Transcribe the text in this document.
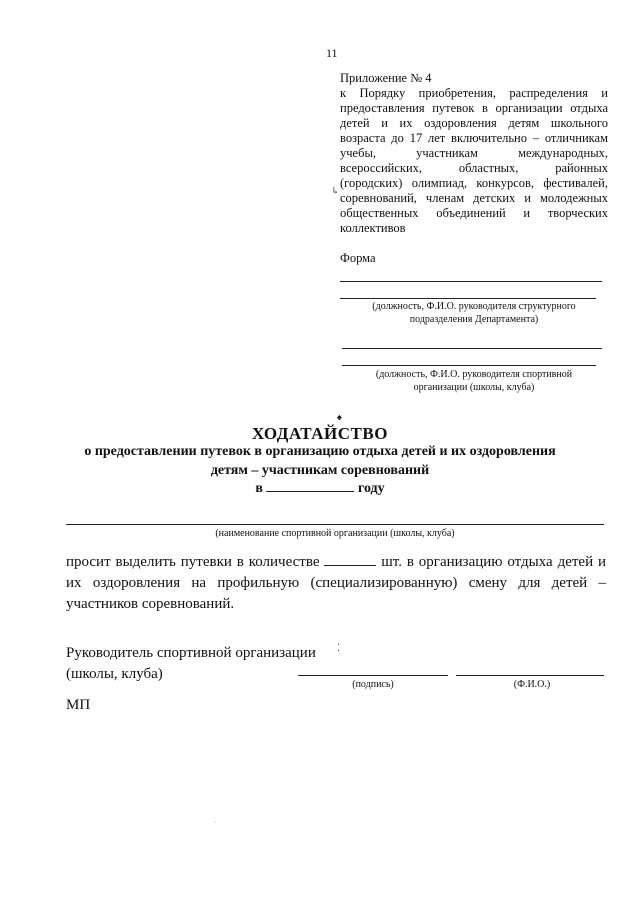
11
Приложение № 4
к Порядку приобретения, распределения и
предоставления путевок в организации отдыха
детей и их оздоровления детям школьного
возраста до 17 лет включительно – отличникам
учебы, участникам международных,
всероссийских, областных, районных
(городских) олимпиад, конкурсов, фестивалей,
соревнований, членам детских и молодежных
общественных объединений и творческих
коллективов
↳
Форма
(должность, Ф.И.О. руководителя структурного
подразделения Департамента)
(должность, Ф.И.О. руководителя спортивной
организации (школы, клуба)
♠
ХОДАТАЙСТВО
о предоставлении путевок в организацию отдыха детей и их оздоровления
детям – участникам соревнований
в	году
(наименование спортивной организации (школы, клуба)
просит выделить путевки в количестве	шт. в организацию отдыха детей и
их оздоровления на профильную (специализированную) смену для детей –
участников соревнований.
Руководитель спортивной организации
(школы, клуба)
⁚
(подпись)	(Ф.И.О.)
МП
·
